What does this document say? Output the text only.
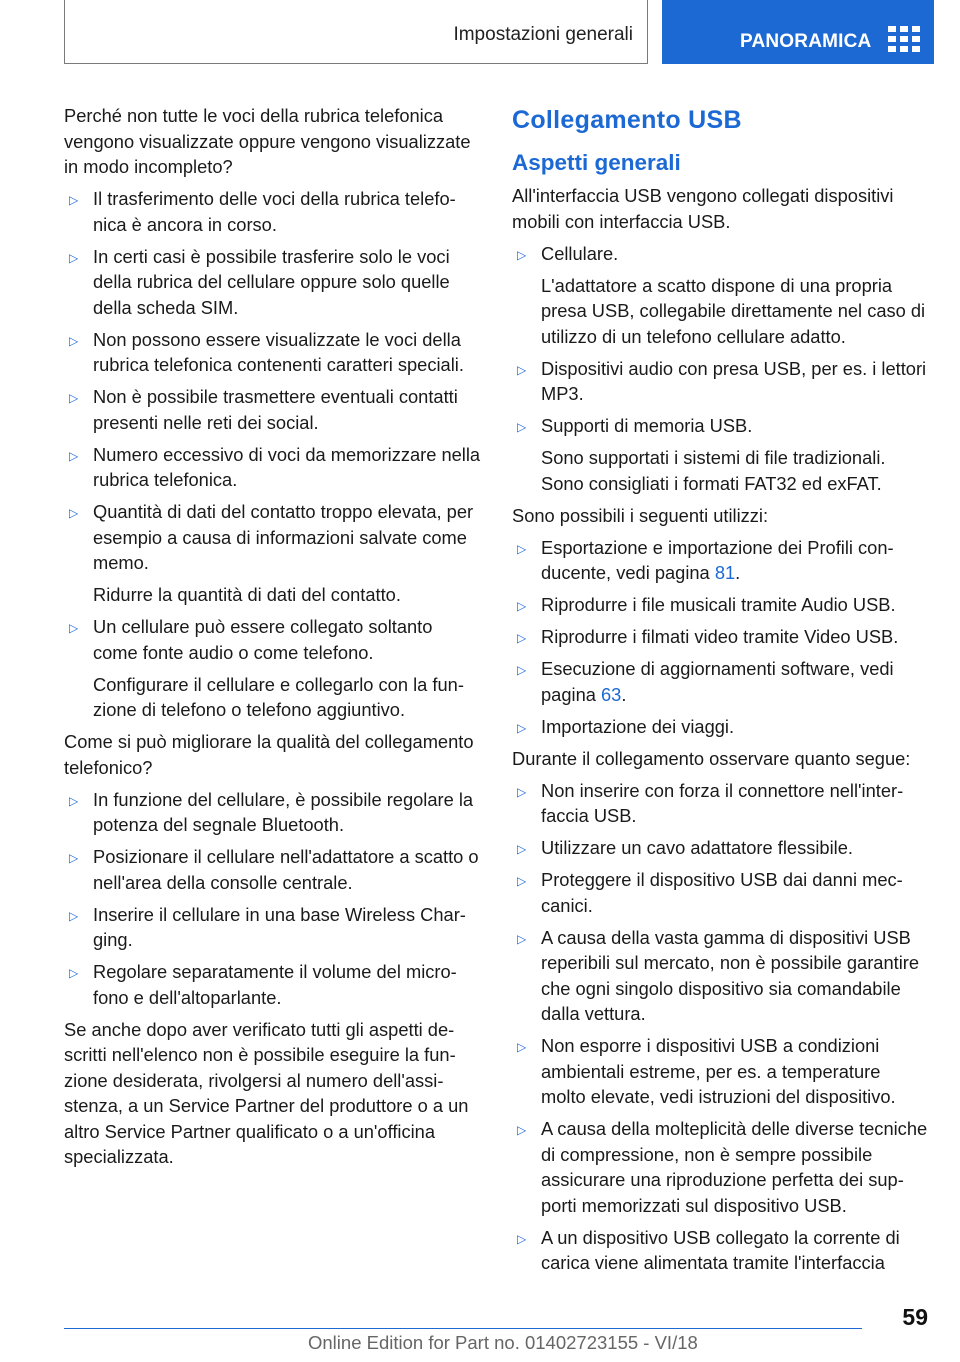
Impostazioni generali	PANORAMICA

Perché non tutte le voci della rubrica telefonica vengono visualizzate oppure vengono visualizzate in modo incompleto?

▷ Il trasferimento delle voci della rubrica telefonica è ancora in corso.
▷ In certi casi è possibile trasferire solo le voci della rubrica del cellulare oppure solo quelle della scheda SIM.
▷ Non possono essere visualizzate le voci della rubrica telefonica contenenti caratteri speciali.
▷ Non è possibile trasmettere eventuali contatti presenti nelle reti dei social.
▷ Numero eccessivo di voci da memorizzare nella rubrica telefonica.
▷ Quantità di dati del contatto troppo elevata, per esempio a causa di informazioni salvate come memo.
Ridurre la quantità di dati del contatto.
▷ Un cellulare può essere collegato soltanto come fonte audio o come telefono.
Configurare il cellulare e collegarlo con la funzione di telefono o telefono aggiuntivo.

Come si può migliorare la qualità del collegamento telefonico?

▷ In funzione del cellulare, è possibile regolare la potenza del segnale Bluetooth.
▷ Posizionare il cellulare nell'adattatore a scatto o nell'area della consolle centrale.
▷ Inserire il cellulare in una base Wireless Charging.
▷ Regolare separatamente il volume del microfono e dell'altoparlante.

Se anche dopo aver verificato tutti gli aspetti descritti nell'elenco non è possibile eseguire la funzione desiderata, rivolgersi al numero dell'assistenza, a un Service Partner del produttore o a un altro Service Partner qualificato o a un'officina specializzata.

Collegamento USB
Aspetti generali

All'interfaccia USB vengono collegati dispositivi mobili con interfaccia USB.

▷ Cellulare.
L'adattatore a scatto dispone di una propria presa USB, collegabile direttamente nel caso di utilizzo di un telefono cellulare adatto.
▷ Dispositivi audio con presa USB, per es. i lettori MP3.
▷ Supporti di memoria USB.
Sono supportati i sistemi di file tradizionali. Sono consigliati i formati FAT32 ed exFAT.

Sono possibili i seguenti utilizzi:

▷ Esportazione e importazione dei Profili conducente, vedi pagina 81.
▷ Riprodurre i file musicali tramite Audio USB.
▷ Riprodurre i filmati video tramite Video USB.
▷ Esecuzione di aggiornamenti software, vedi pagina 63.
▷ Importazione dei viaggi.

Durante il collegamento osservare quanto segue:

▷ Non inserire con forza il connettore nell'interfaccia USB.
▷ Utilizzare un cavo adattatore flessibile.
▷ Proteggere il dispositivo USB dai danni meccanici.
▷ A causa della vasta gamma di dispositivi USB reperibili sul mercato, non è possibile garantire che ogni singolo dispositivo sia comandabile dalla vettura.
▷ Non esporre i dispositivi USB a condizioni ambientali estreme, per es. a temperature molto elevate, vedi istruzioni del dispositivo.
▷ A causa della molteplicità delle diverse tecniche di compressione, non è sempre possibile assicurare una riproduzione perfetta dei supporti memorizzati sul dispositivo USB.
▷ A un dispositivo USB collegato la corrente di carica viene alimentata tramite l'interfaccia
59
Online Edition for Part no. 01402723155 - VI/18
